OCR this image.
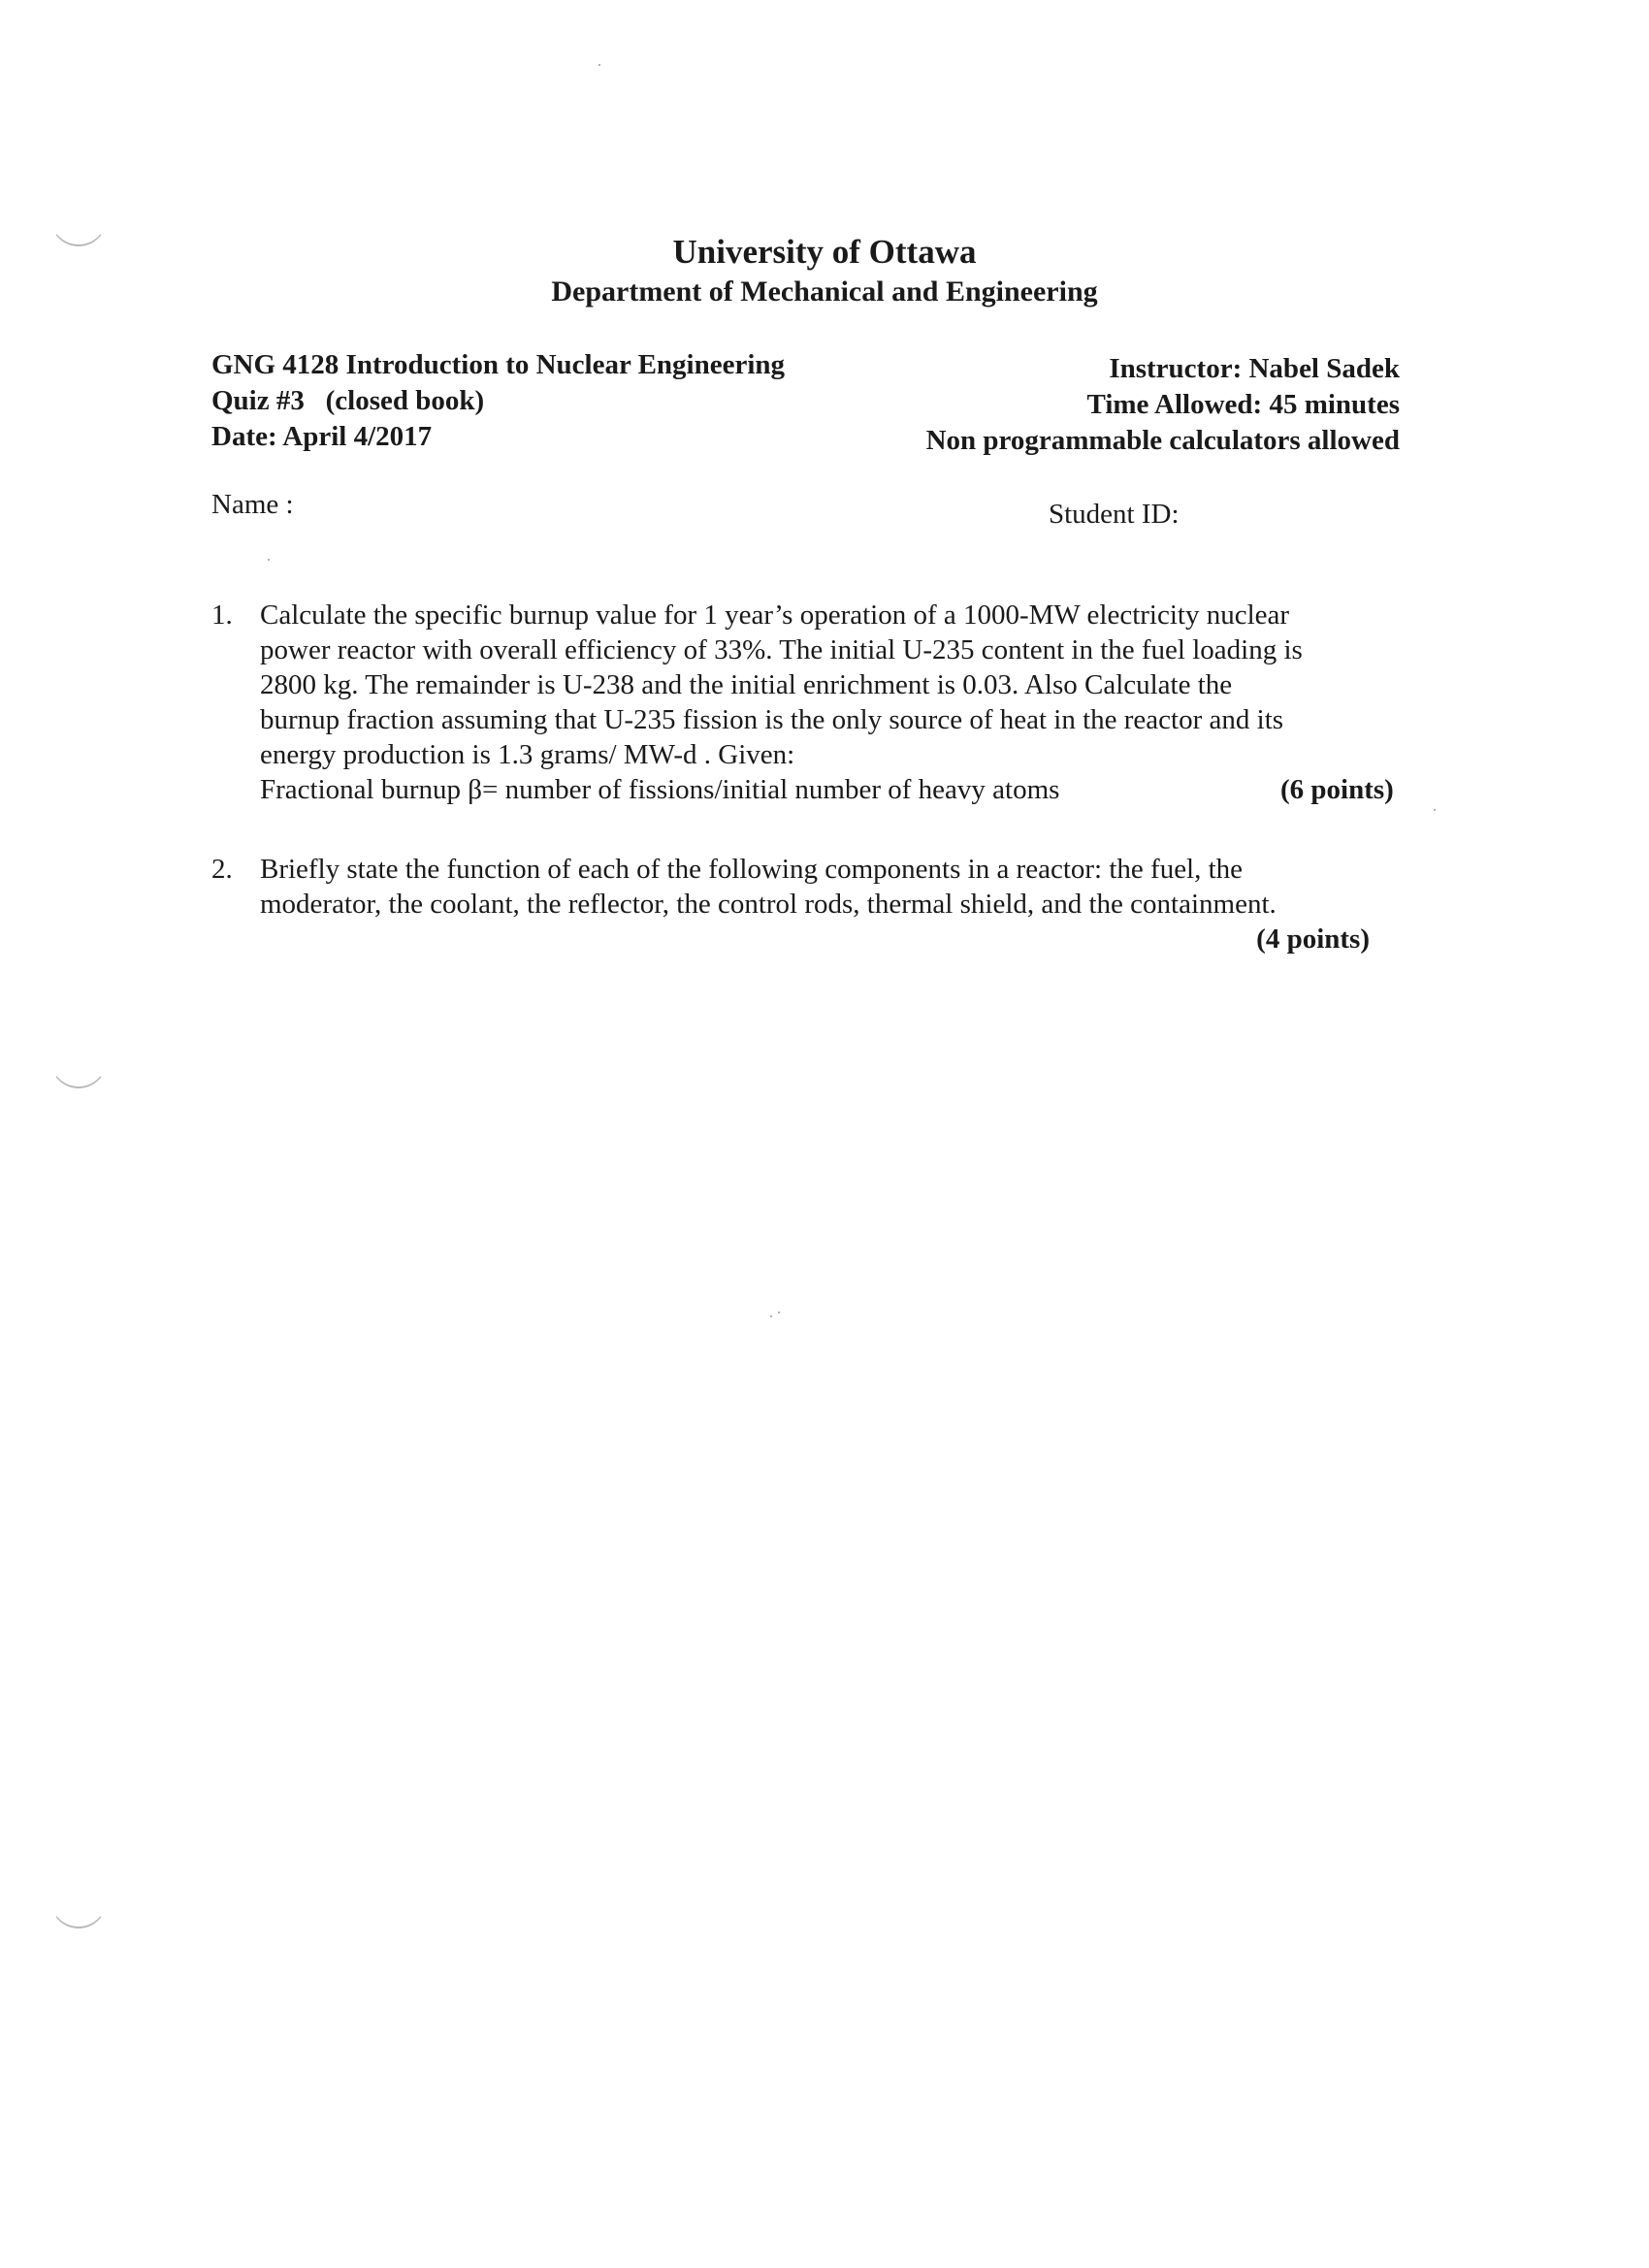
University of Ottawa
Department of Mechanical and Engineering
GNG 4128 Introduction to Nuclear Engineering
Quiz #3   (closed book)
Date: April 4/2017
Instructor: Nabel Sadek
Time Allowed: 45 minutes
Non programmable calculators allowed
Name :	Student ID:
1. Calculate the specific burnup value for 1 year’s operation of a 1000-MW electricity nuclear
power reactor with overall efficiency of 33%. The initial U-235 content in the fuel loading is
2800 kg. The remainder is U-238 and the initial enrichment is 0.03. Also Calculate the
burnup fraction assuming that U-235 fission is the only source of heat in the reactor and its
energy production is 1.3 grams/ MW-d . Given:
Fractional burnup β= number of fissions/initial number of heavy atoms	(6 points)
2. Briefly state the function of each of the following components in a reactor: the fuel, the
moderator, the coolant, the reflector, the control rods, thermal shield, and the containment.
(4 points)
